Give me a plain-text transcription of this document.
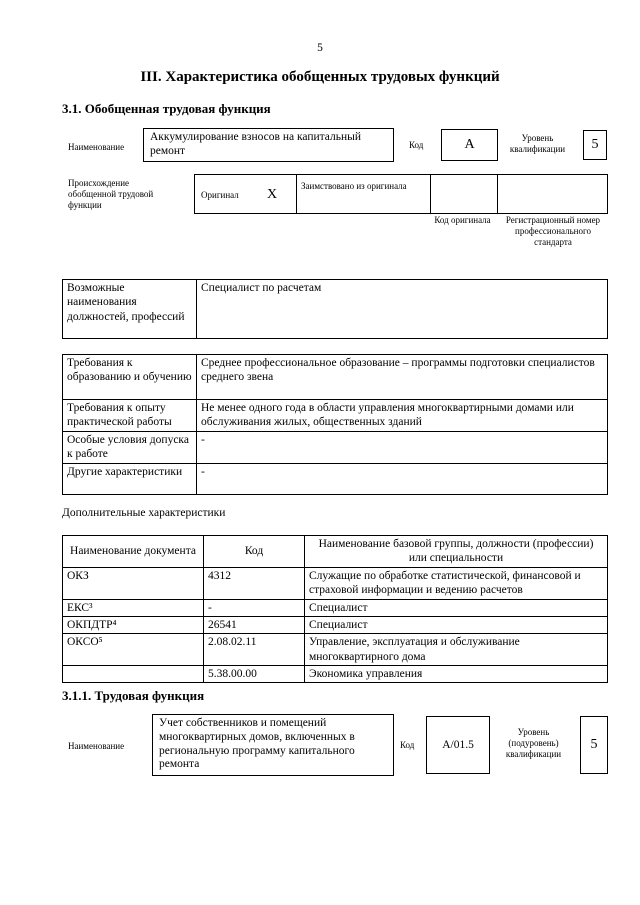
5
III. Характеристика обобщенных трудовых функций
3.1. Обобщенная трудовая функция
Наименование
Аккумулирование взносов на капитальный ремонт	Код	А	Уровень квалификации	5
Происхождение обобщенной трудовой функции
Оригинал X
Заимствовано из оригинала
Код оригинала	Регистрационный номер профессионального стандарта
Возможные наименования должностей, профессий	Специалист по расчетам
Требования к образованию и обучению	Среднее профессиональное образование – программы подготовки специалистов среднего звена
Требования к опыту практической работы	Не менее одного года в области управления многоквартирными домами или обслуживания жилых, общественных зданий
Особые условия допуска к работе	-
Другие характеристики	-
Дополнительные характеристики
Наименование документа	Код	Наименование базовой группы, должности (профессии) или специальности
ОКЗ	4312	Служащие по обработке статистической, финансовой и страховой информации и ведению расчетов
ЕКС³	-	Специалист
ОКПДТР⁴	26541	Специалист
ОКСО⁵	2.08.02.11	Управление, эксплуатация и обслуживание многоквартирного дома
	5.38.00.00	Экономика управления
3.1.1. Трудовая функция
Наименование
Учет собственников и помещений многоквартирных домов, включенных в региональную программу капитального ремонта
Код	А/01.5
Уровень (подуровень) квалификации
5
